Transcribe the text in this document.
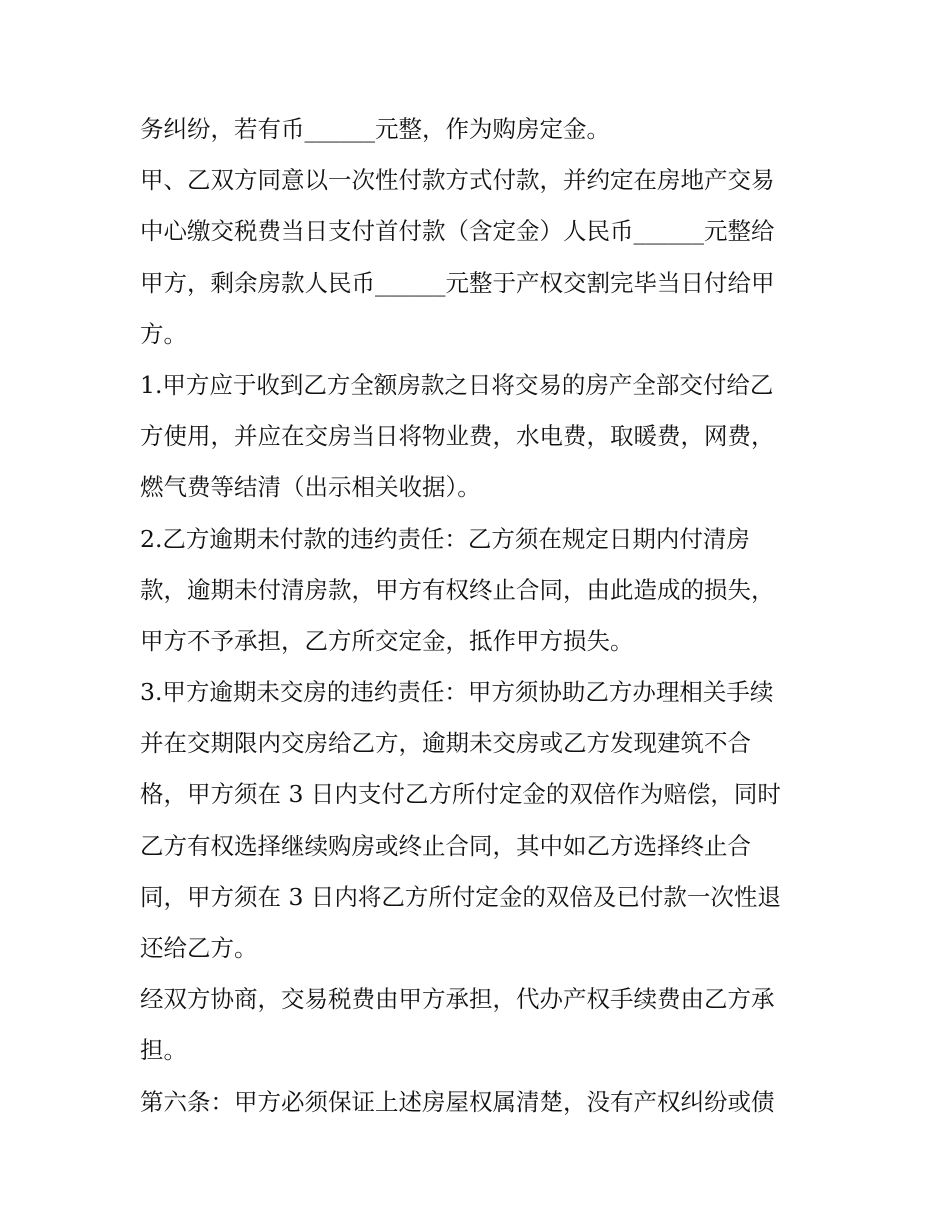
务纠纷，若有币______元整，作为购房定金。
甲、乙双方同意以一次性付款方式付款，并约定在房地产交易
中心缴交税费当日支付首付款（含定金）人民币______元整给
甲方，剩余房款人民币______元整于产权交割完毕当日付给甲
方。
1.甲方应于收到乙方全额房款之日将交易的房产全部交付给乙
方使用，并应在交房当日将物业费，水电费，取暖费，网费，
燃气费等结清（出示相关收据）。
2.乙方逾期未付款的违约责任：乙方须在规定日期内付清房
款，逾期未付清房款，甲方有权终止合同，由此造成的损失，
甲方不予承担，乙方所交定金，抵作甲方损失。
3.甲方逾期未交房的违约责任：甲方须协助乙方办理相关手续
并在交期限内交房给乙方，逾期未交房或乙方发现建筑不合
格，甲方须在 3 日内支付乙方所付定金的双倍作为赔偿，同时
乙方有权选择继续购房或终止合同，其中如乙方选择终止合
同，甲方须在 3 日内将乙方所付定金的双倍及已付款一次性退
还给乙方。
经双方协商，交易税费由甲方承担，代办产权手续费由乙方承
担。
第六条：甲方必须保证上述房屋权属清楚，没有产权纠纷或债
